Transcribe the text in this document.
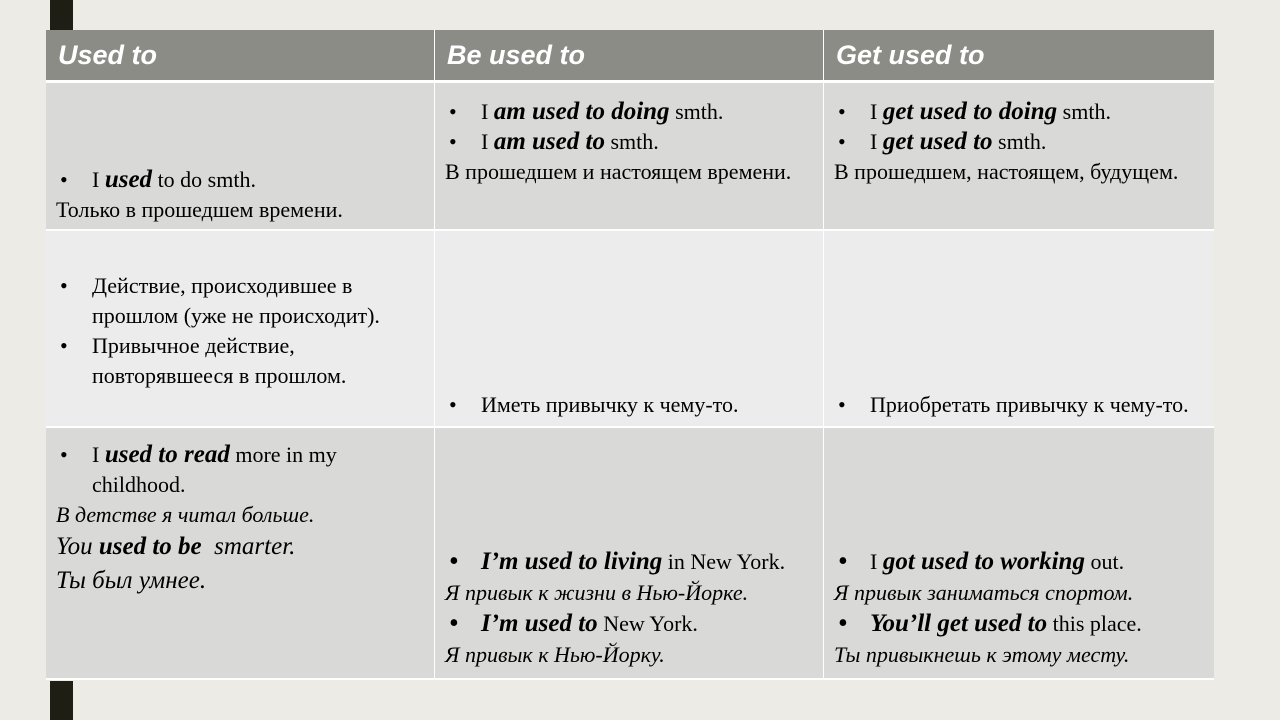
Used to	Be used to	Get used to
• I used to do smth.
Только в прошедшем времени.
• I am used to doing smth.
• I am used to smth.
В прошедшем и настоящем времени.
• I get used to doing smth.
• I get used to smth.
В прошедшем, настоящем, будущем.
• Действие, происходившее в прошлом (уже не происходит).
• Привычное действие, повторявшееся в прошлом.
• Иметь привычку к чему-то.
•	Приобретать привычку к чему-то.
• I used to read more in my childhood.
В детстве я читал больше.
You used to be  smarter.
Ты был умнее.
• I’m used to living in New York.
Я привык к жизни в Нью-Йорке.
• I’m used to New York.
Я привык к Нью-Йорку.
• I got used to working out.
Я привык заниматься спортом.
• You’ll get used to this place.
Ты привыкнешь к этому месту.
